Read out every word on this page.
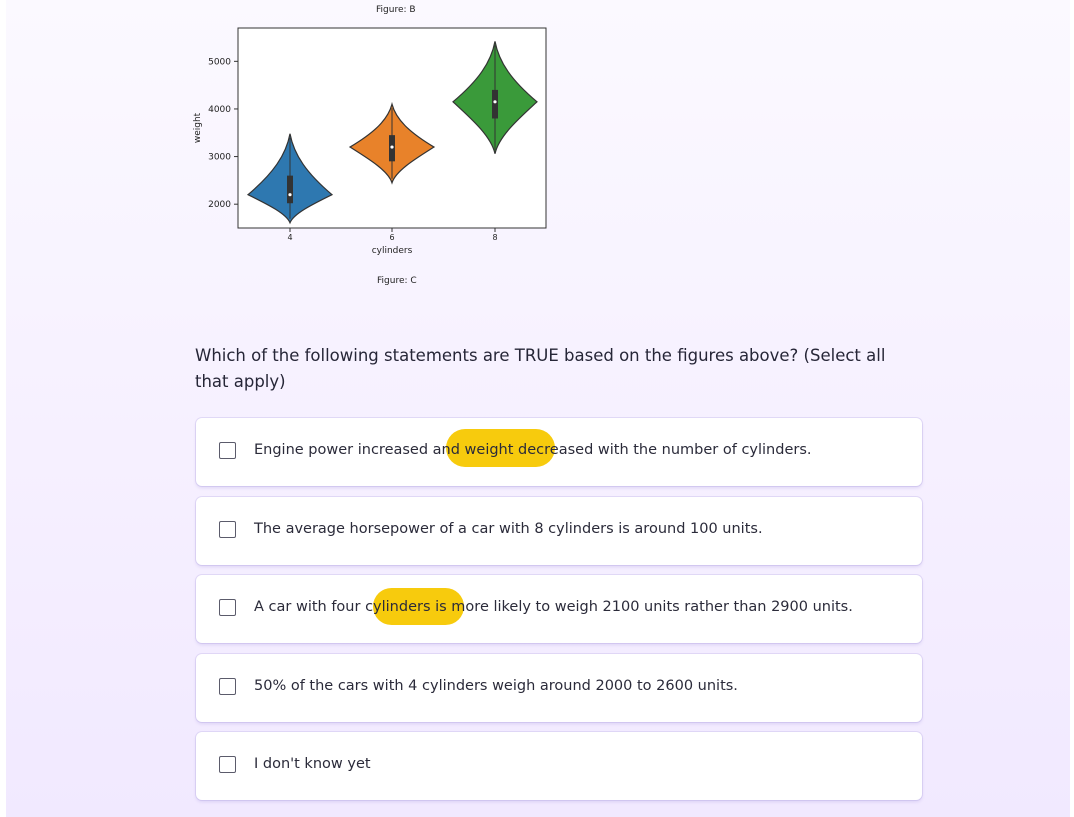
Figure: B
2000
3000
4000
5000
4	6	8
cylinders
weight
Figure: C
Which of the following statements are TRUE based on the figures above? (Select all that apply)
Engine power increased and weight decreased with the number of cylinders.
The average horsepower of a car with 8 cylinders is around 100 units.
A car with four cylinders is more likely to weigh 2100 units rather than 2900 units.
50% of the cars with 4 cylinders weigh around 2000 to 2600 units.
I don't know yet
